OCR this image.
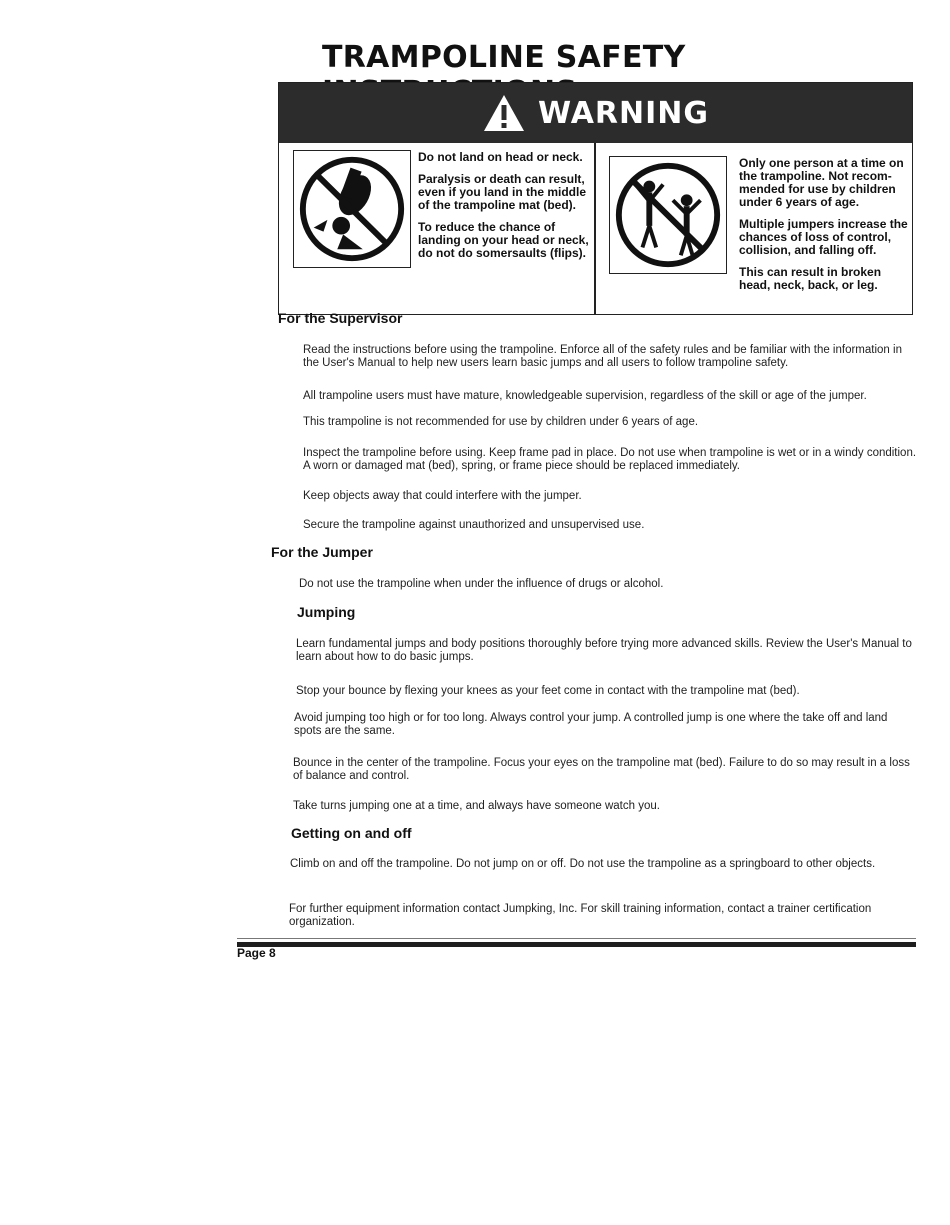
TRAMPOLINE SAFETY
WARNING

Do not land on head or neck.

Paralysis or death can result, even if you land in the middle of the trampoline mat (bed).

To reduce the chance of landing on your head or neck, do not do somersaults (flips).

Only one person at a time on the trampoline. Not recom-mended for use by children under 6 years of age.

Multiple jumpers increase the chances of loss of control, collision, and falling off.

This can result in broken head, neck, back, or leg.

For the Supervisor

Read the instructions before using the trampoline. Enforce all of the safety rules and be familiar with the information in the User's Manual to help new users learn basic jumps and all users to follow trampoline safety.

All trampoline users must have mature, knowledgeable supervision, regardless of the skill or age of the jumper.

This trampoline is not recommended for use by children under 6 years of age.

Inspect the trampoline before using. Keep frame pad in place. Do not use when trampoline is wet or in a windy condition. A worn or damaged mat (bed), spring, or frame piece should be replaced immediately.

Keep objects away that could interfere with the jumper.

Secure the trampoline against unauthorized and unsupervised use.

For the Jumper

Do not use the trampoline when under the influence of drugs or alcohol.

Jumping

Learn fundamental jumps and body positions thoroughly before trying more advanced skills. Review the User's Manual to learn about how to do basic jumps.

Stop your bounce by flexing your knees as your feet come in contact with the trampoline mat (bed).

Avoid jumping too high or for too long. Always control your jump. A controlled jump is one where the take off and land spots are the same.

Bounce in the center of the trampoline. Focus your eyes on the trampoline mat (bed). Failure to do so may result in a loss of balance and control.

Take turns jumping one at a time, and always have someone watch you.

Getting on and off

Climb on and off the trampoline. Do not jump on or off. Do not use the trampoline as a springboard to other objects.

For further equipment information contact Jumpking, Inc. For skill training information, contact a trainer certification organization.

Page 8
